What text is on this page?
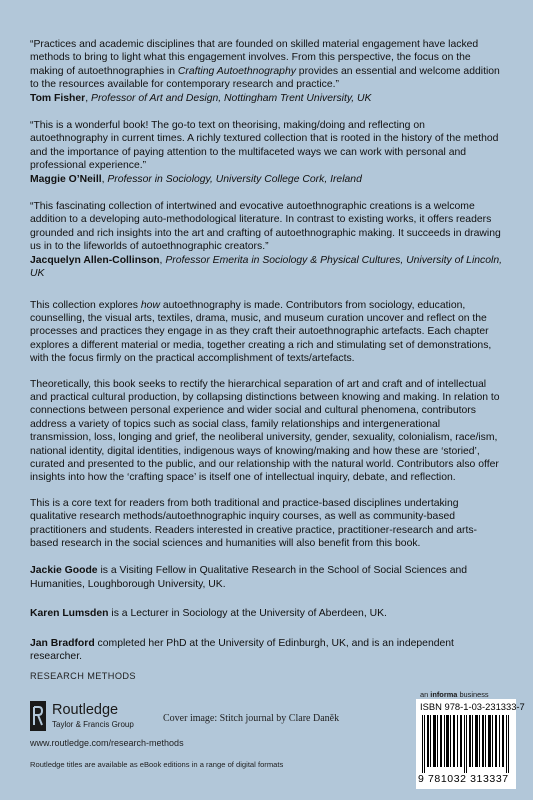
“Practices and academic disciplines that are founded on skilled material engagement have lacked methods to bring to light what this engagement involves. From this perspective, the focus on the making of autoethnographies in Crafting Autoethnography provides an essential and welcome addition to the resources available for contemporary research and practice.”
Tom Fisher, Professor of Art and Design, Nottingham Trent University, UK

“This is a wonderful book! The go-to text on theorising, making/doing and reflecting on autoethnography in current times. A richly textured collection that is rooted in the history of the method and the importance of paying attention to the multifaceted ways we can work with personal and professional experience.”
Maggie O’Neill, Professor in Sociology, University College Cork, Ireland

“This fascinating collection of intertwined and evocative autoethnographic creations is a welcome addition to a developing auto-methodological literature. In contrast to existing works, it offers readers grounded and rich insights into the art and crafting of autoethnographic making. It succeeds in drawing us in to the lifeworlds of autoethnographic creators.”
Jacquelyn Allen-Collinson, Professor Emerita in Sociology & Physical Cultures, University of Lincoln, UK

This collection explores how autoethnography is made. Contributors from sociology, education, counselling, the visual arts, textiles, drama, music, and museum curation uncover and reflect on the processes and practices they engage in as they craft their autoethnographic artefacts. Each chapter explores a different material or media, together creating a rich and stimulating set of demonstrations, with the focus firmly on the practical accomplishment of texts/artefacts.

Theoretically, this book seeks to rectify the hierarchical separation of art and craft and of intellectual and practical cultural production, by collapsing distinctions between knowing and making. In relation to connections between personal experience and wider social and cultural phenomena, contributors address a variety of topics such as social class, family relationships and intergenerational transmission, loss, longing and grief, the neoliberal university, gender, sexuality, colonialism, race/ism, national identity, digital identities, indigenous ways of knowing/making and how these are ‘storied’, curated and presented to the public, and our relationship with the natural world. Contributors also offer insights into how the ‘crafting space’ is itself one of intellectual inquiry, debate, and reflection.

This is a core text for readers from both traditional and practice-based disciplines undertaking qualitative research methods/autoethnographic inquiry courses, as well as community-based practitioners and students. Readers interested in creative practice, practitioner-research and arts-based research in the social sciences and humanities will also benefit from this book.

Jackie Goode is a Visiting Fellow in Qualitative Research in the School of Social Sciences and Humanities, Loughborough University, UK.

Karen Lumsden is a Lecturer in Sociology at the University of Aberdeen, UK.

Jan Bradford completed her PhD at the University of Edinburgh, UK, and is an independent researcher.

RESEARCH METHODS
Routledge
Taylor & Francis Group
Cover image: Stitch journal by Clare Daněk
www.routledge.com/research-methods
Routledge titles are available as eBook editions in a range of digital formats
an informa business
ISBN 978-1-03-231333-7
9 781032 313337
